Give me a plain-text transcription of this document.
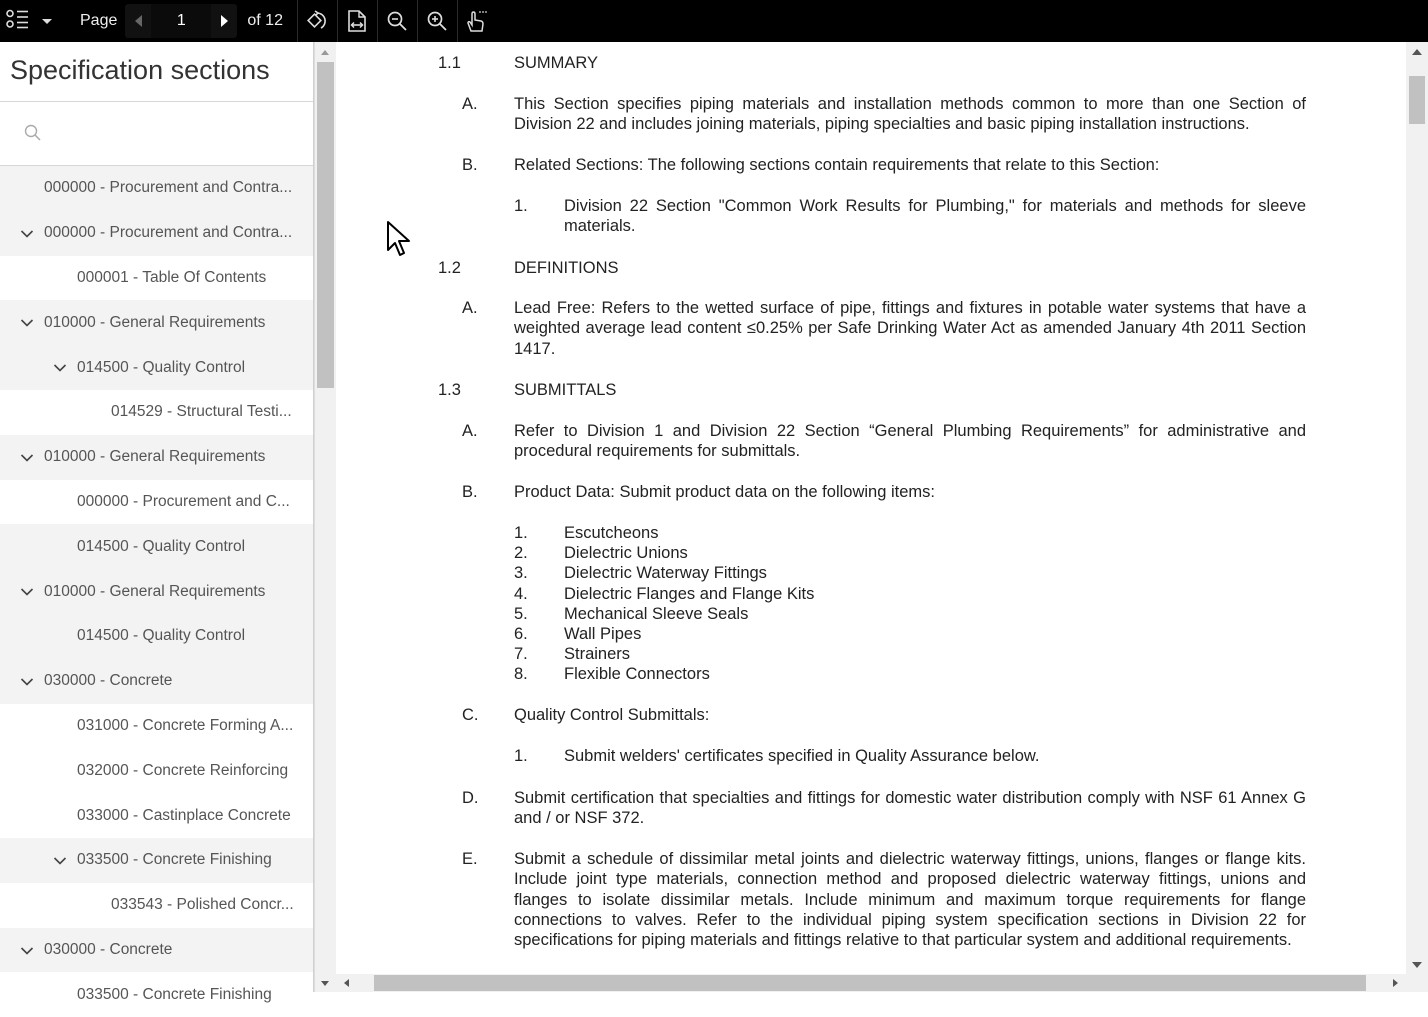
Page
1	of 12
Specification sections
000000 - Procurement and Contra...
000000 - Procurement and Contra...
000001 - Table Of Contents
010000 - General Requirements
014500 - Quality Control
014529 - Structural Testi...
010000 - General Requirements
000000 - Procurement and C...
014500 - Quality Control
010000 - General Requirements
014500 - Quality Control
030000 - Concrete
031000 - Concrete Forming A...
032000 - Concrete Reinforcing
033000 - Castinplace Concrete
033500 - Concrete Finishing
033543 - Polished Concr...
030000 - Concrete
033500 - Concrete Finishing
1.1	SUMMARY
A. This Section specifies piping materials and installation methods common to more than one Section of Division 22 and includes joining materials, piping specialties and basic piping installation instructions.
B. Related Sections: The following sections contain requirements that relate to this Section:
1. Division 22 Section "Common Work Results for Plumbing," for materials and methods for sleeve materials.
1.2	DEFINITIONS
A. Lead Free: Refers to the wetted surface of pipe, fittings and fixtures in potable water systems that have a weighted average lead content ≤0.25% per Safe Drinking Water Act as amended January 4th 2011 Section 1417.
1.3	SUBMITTALS
A. Refer to Division 1 and Division 22 Section “General Plumbing Requirements” for administrative and procedural requirements for submittals.
B. Product Data: Submit product data on the following items:
1. Escutcheons
2. Dielectric Unions
3. Dielectric Waterway Fittings
4. Dielectric Flanges and Flange Kits
5. Mechanical Sleeve Seals
6. Wall Pipes
7. Strainers
8. Flexible Connectors
C. Quality Control Submittals:
1. Submit welders' certificates specified in Quality Assurance below.
D. Submit certification that specialties and fittings for domestic water distribution comply with NSF 61 Annex G and / or NSF 372.
E. Submit a schedule of dissimilar metal joints and dielectric waterway fittings, unions, flanges or flange kits. Include joint type materials, connection method and proposed dielectric waterway fittings, unions and flanges to isolate dissimilar metals. Include minimum and maximum torque requirements for flange connections to valves. Refer to the individual piping system specification sections in Division 22 for specifications for piping materials and fittings relative to that particular system and additional requirements.
